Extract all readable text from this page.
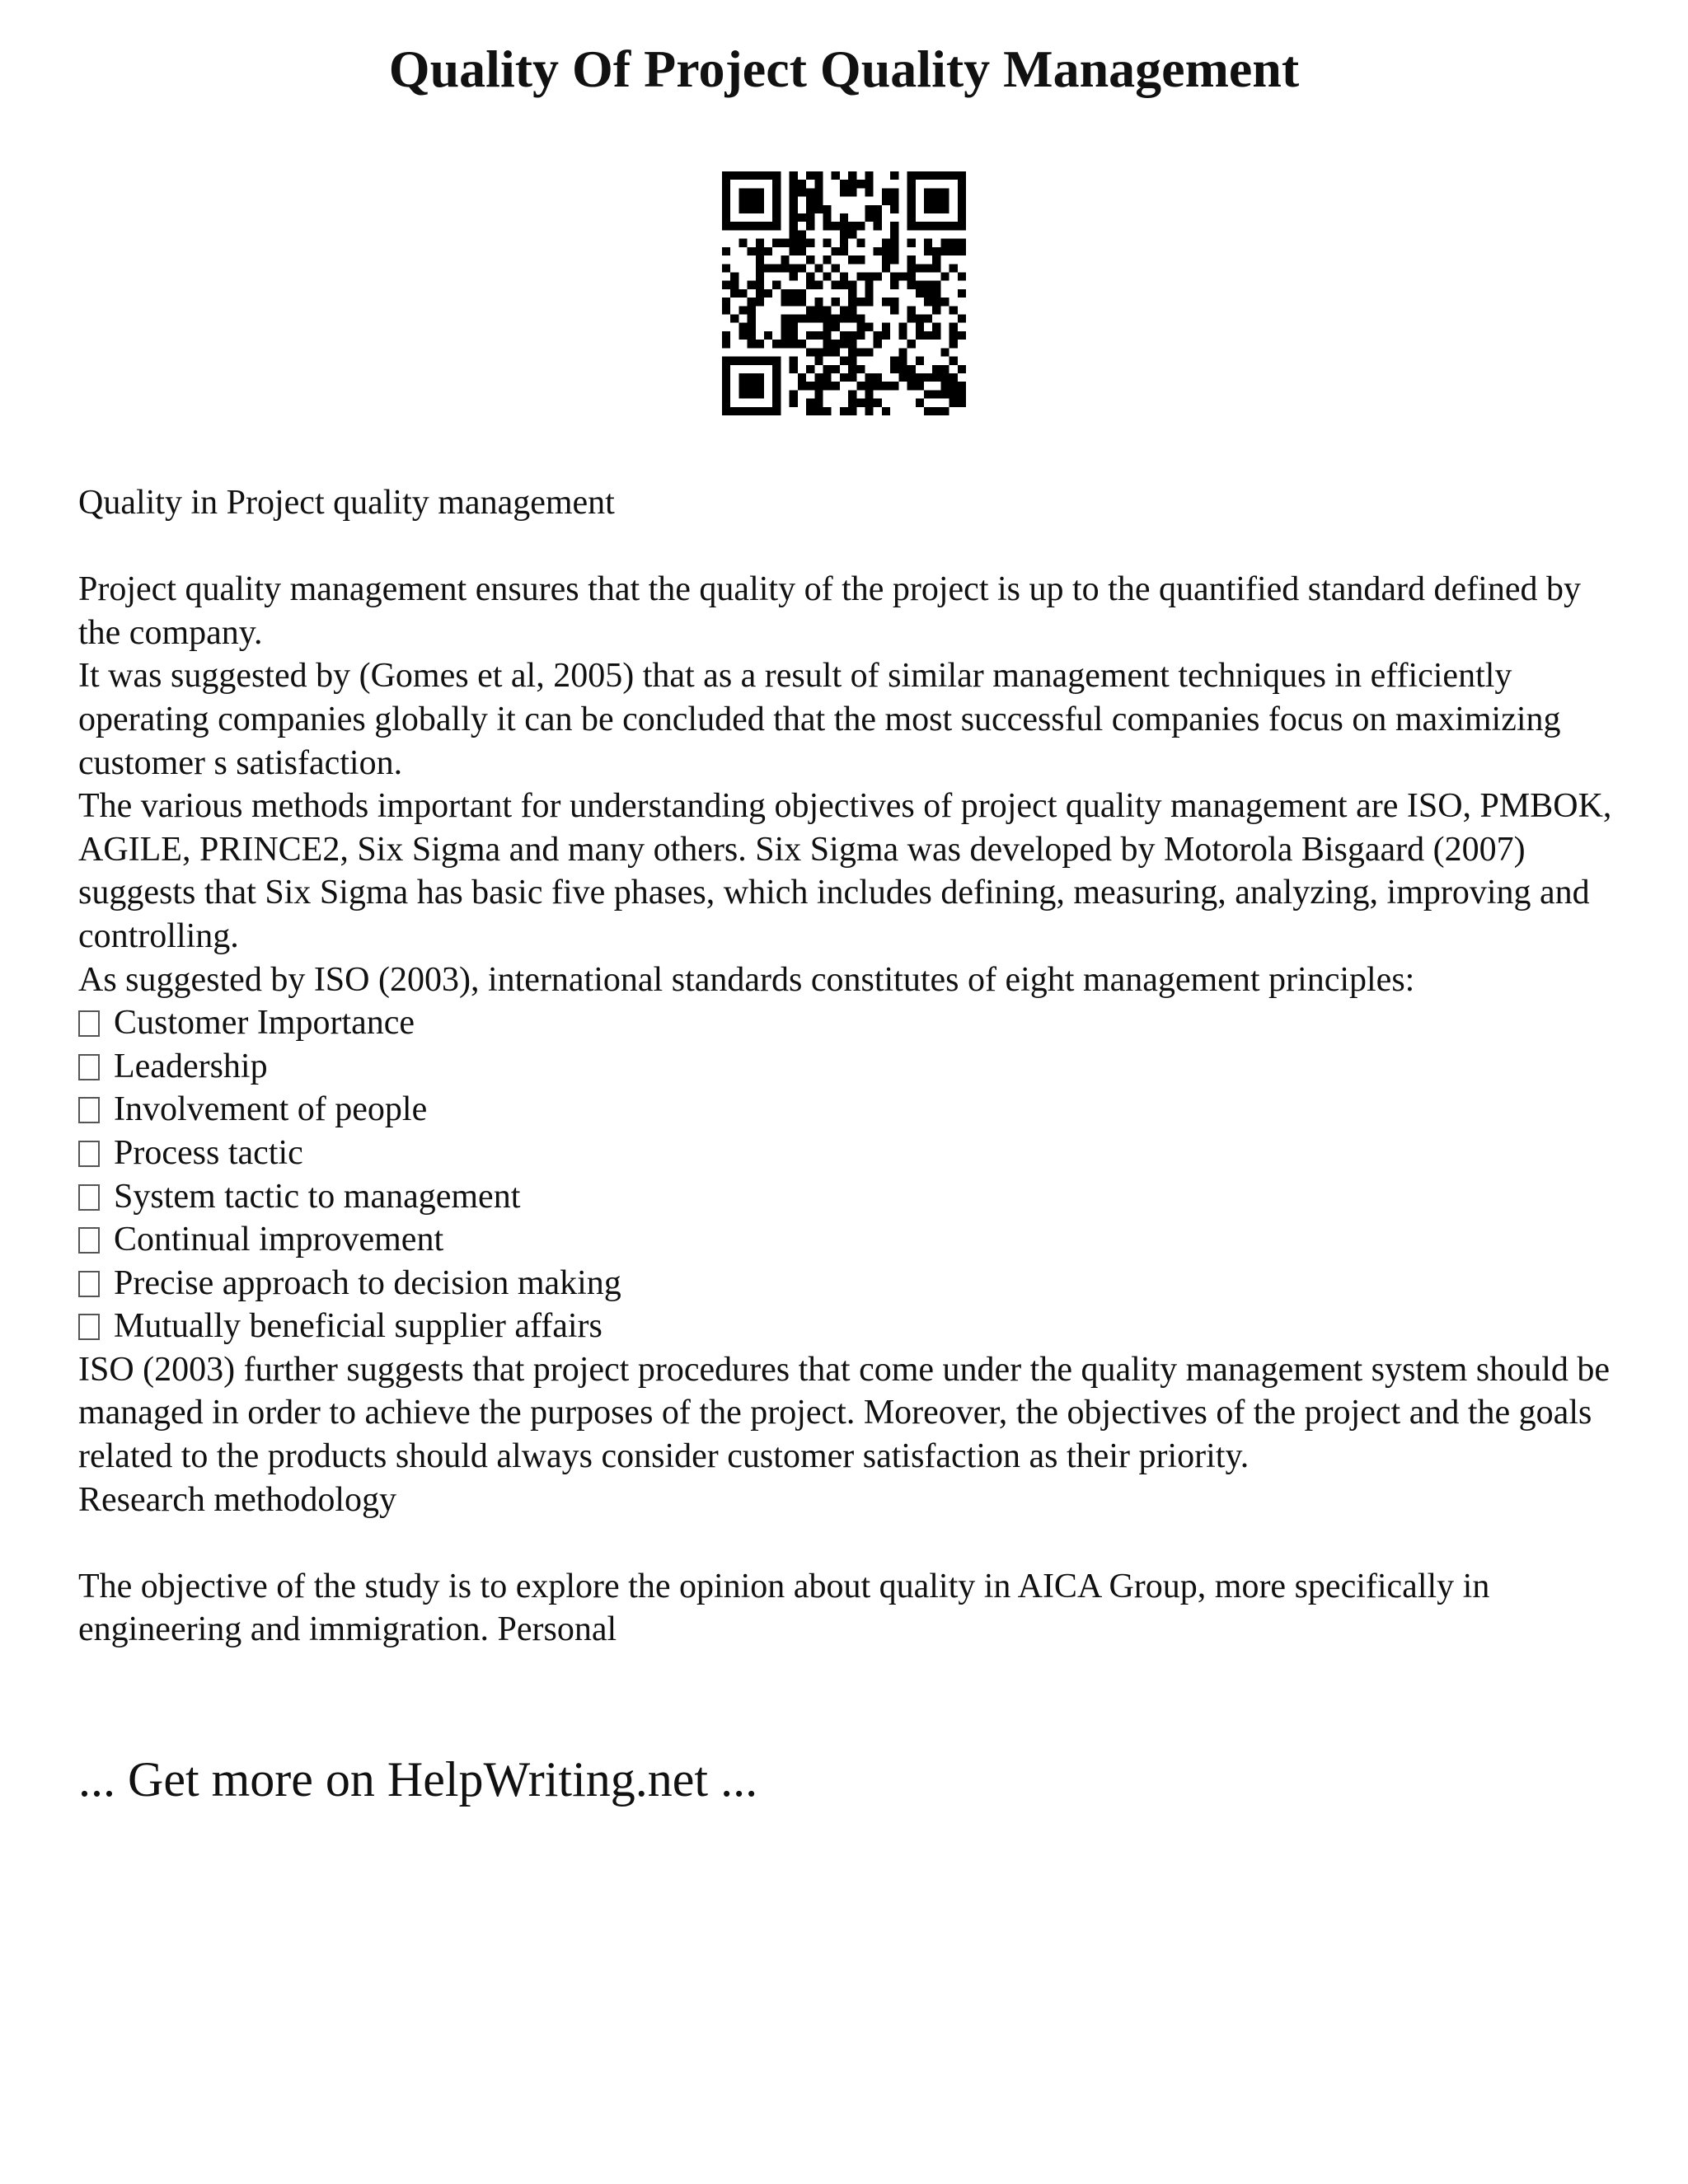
Quality Of Project Quality Management

Quality in Project quality management

Project quality management ensures that the quality of the project is up to the quantified standard defined by the company.

It was suggested by (Gomes et al, 2005) that as a result of similar management techniques in efficiently operating companies globally it can be concluded that the most successful companies focus on maximizing customer s satisfaction.

The various methods important for understanding objectives of project quality management are ISO, PMBOK, AGILE, PRINCE2, Six Sigma and many others. Six Sigma was developed by Motorola Bisgaard (2007) suggests that Six Sigma has basic five phases, which includes defining, measuring, analyzing, improving and controlling.

As suggested by ISO (2003), international standards constitutes of eight management principles:

Customer Importance
Leadership
Involvement of people
Process tactic
System tactic to management
Continual improvement
Precise approach to decision making
Mutually beneficial supplier affairs

ISO (2003) further suggests that project procedures that come under the quality management system should be managed in order to achieve the purposes of the project. Moreover, the objectives of the project and the goals related to the products should always consider customer satisfaction as their priority.

Research methodology

The objective of the study is to explore the opinion about quality in AICA Group, more specifically in engineering and immigration. Personal

... Get more on HelpWriting.net ...
